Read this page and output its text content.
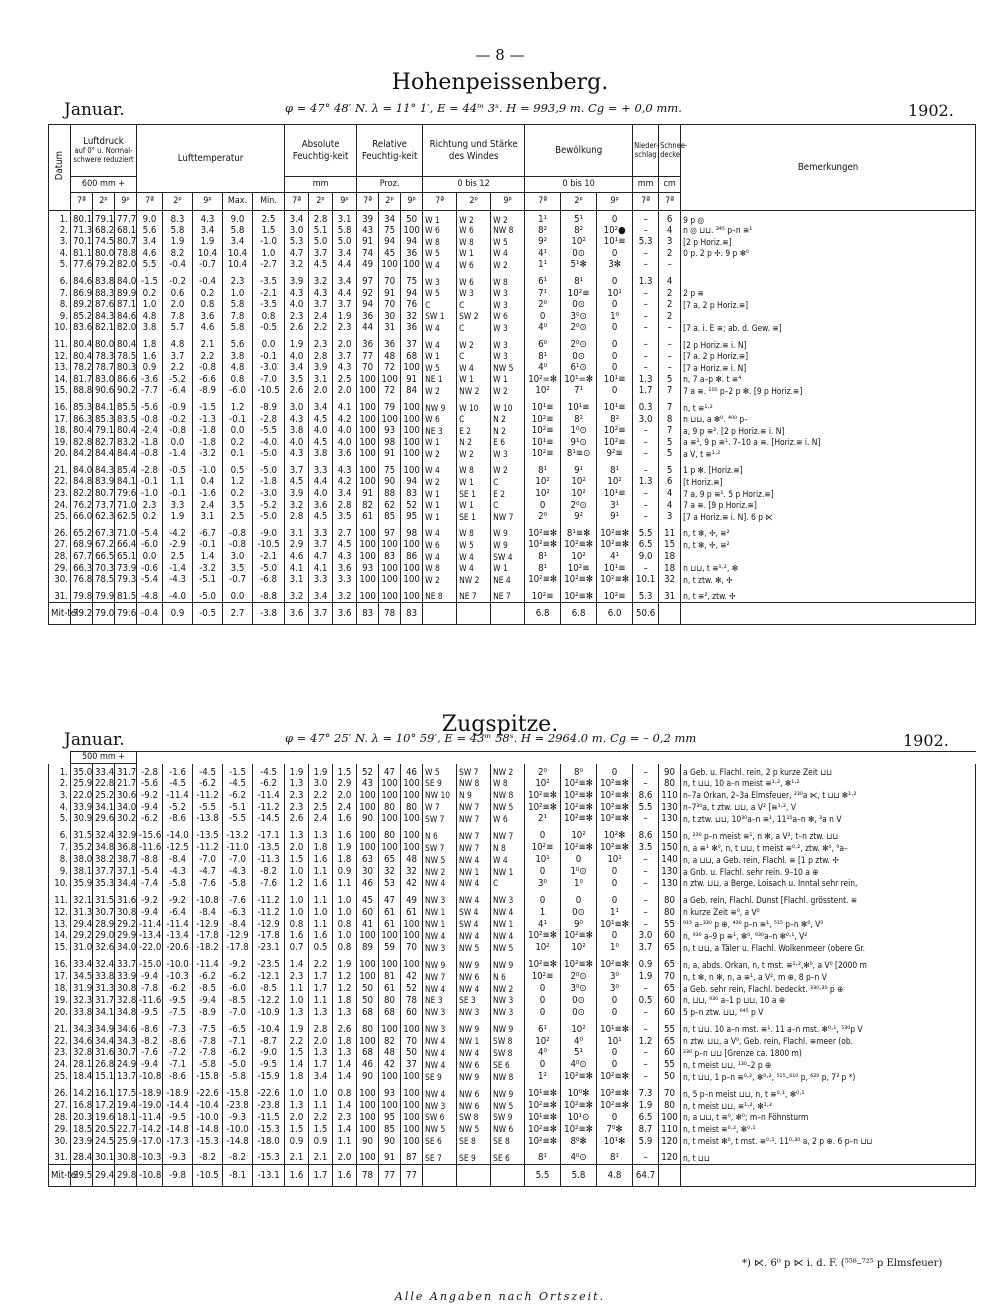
— 8 —
Hohenpeissenberg.
Januar.	φ = 47° 48′ N. λ = 11° 1′, E = 44ᵐ 3ˢ. H = 993,9 m. Cg = + 0,0 mm.	1902.
Datum	Luftdruck
auf 0° u. Normal-schwere reduziert			Lufttemperatur					Absolute Feuchtig-keit			Relative Feuchtig-keit			Richtung und Stärke des Windes			Bewölkung			Nieder-schlag	Schnee-decke	Bemerkungen
	600 mm +								mm			Proz.			0 bis 12			0 bis 10			mm	cm	
	7ª	2ᵖ	9ᵖ	7ª	2ᵖ	9ᵖ	Max.	Min.	7ª	2ᵖ	9ᵖ	7ª	2ᵖ	9ᵖ	7ª	2ᵖ	9ᵖ	7ª	2ᵖ	9ᵖ	7ª	7ª	
1.	80.1	79.1	77.7	9.0	8.3	4.3	9.0	2.5	3.4	2.8	3.1	39	34	50	W 1	W 2	W 2	1¹	5¹	0	–	6	9 p ◎
2.	71.3	68.2	68.1	5.6	5.8	3.4	5.8	1.5	3.0	5.1	5.8	43	75	100	W 6	W 6	NW 8	8²	8²	10²●	–	4	n ◎ ⊔⊔. ³⁴⁵ p–n ≡¹
3.	70.1	74.5	80.7	3.4	1.9	1.9	3.4	-1.0	5.3	5.0	5.0	91	94	94	W 8	W 8	W 5	9²	10²	10¹≡	5.3	3	[2 p Horiz.≡]
4.	81.1	80.0	78.8	4.6	8.2	10.4	10.4	1.0	4.7	3.7	3.4	74	45	36	W 5	W 1	W 4	4¹	0⊙	0	–	2	0 p. 2 p ✢. 9 p ✻⁰
5.	77.6	79.2	82.0	5.5	-0.4	-0.7	10.4	-2.7	3.2	4.5	4.4	49	100	100	W 4	W 6	W 2	1¹	5¹✻	3✻	–	–	

6.	84.6	83.8	84.0	-1.5	-0.2	-0.4	2.3	-3.5	3.9	3.2	3.4	97	70	75	W 3	W 6	W 8	6¹	8¹	0	1.3	4	
7.	86.9	88.3	89.9	0.2	0.6	0.2	1.0	-2.1	4.3	4.3	4.4	92	91	94	W 5	W 3	W 3	7¹	10²≡	10¹	–	2	2 p ≡
8.	89.2	87.6	87.1	1.0	2.0	0.8	5.8	-3.5	4.0	3.7	3.7	94	70	76	C	C	W 3	2⁰	0⊙	0	–	2	[7 a, 2 p Horiz.≡]
9.	85.2	84.3	84.6	4.8	7.8	3.6	7.8	0.8	2.3	2.4	1.9	36	30	32	SW 1	SW 2	W 6	0	3⁰⊙	1⁰	–	2	
10.	83.6	82.1	82.0	3.8	5.7	4.6	5.8	-0.5	2.6	2.2	2.3	44	31	36	W 4	C	W 3	4⁰	2⁰⊙	0	–	–	[7 a. i. E ≡; ab. d. Gew. ≡]

11.	80.4	80.0	80.4	1.8	4.8	2.1	5.6	0.0	1.9	2.3	2.0	36	36	37	W 4	W 2	W 3	6⁰	2⁰⊙	0	–	–	[2 p Horiz.≡ i. N]
12.	80.4	78.3	78.5	1.6	3.7	2.2	3.8	-0.1	4.0	2.8	3.7	77	48	68	W 1	C	W 3	8¹	0⊙	0	–	–	[7 a. 2 p Horiz.≡]
13.	78.2	78.7	80.3	0.9	2.2	-0.8	4.8	-3.0	3.4	3.9	4.3	70	72	100	W 5	W 4	NW 5	4⁰	6¹⊙	0	–	–	[7 a Horiz.≡ i. N]
14.	81.7	83.0	86.6	-3.6	-5.2	-6.6	0.8	-7.0	3.5	3.1	2.5	100	100	91	NE 1	W 1	W 1	10²=✻	10¹=✻	10¹≡	1.3	5	n, 7 a–p ✻. t ≡⁴
15.	88.8	90.6	90.2	-7.7	-6.4	-8.9	-6.0	-10.5	2.6	2.0	2.0	100	72	84	W 2	NW 2	W 2	10²	7¹	0	1.7	7	7 a ≡. ¹⁰⁰ p–2 p ✻. [9 p Horiz.≡]

16.	85.3	84.1	85.5	-5.6	-0.9	-1.5	1.2	-8.9	3.0	3.4	4.1	100	79	100	NW 9	W 10	W 10	10¹≡	10¹≡	10¹≡	0.3	7	n, t ≡¹·²
17.	86.3	85.3	83.5	-0.8	-0.2	-1.3	-0.1	-2.8	4.3	4.5	4.2	100	100	100	W 6	C	N 2	10²≡	8²	8²	3.0	8	n ⊔⊔, a ✻⁰. ⁴⁰⁰ p–
18.	80.4	79.1	80.4	-2.4	-0.8	-1.8	0.0	-5.5	3.8	4.0	4.0	100	93	100	NE 3	E 2	N 2	10²≡	1⁰⊙	10²≡	–	7	a, 9 p ≡². [2 p Horiz.≡ i. N]
19.	82.8	82.7	83.2	-1.8	0.0	-1.8	0.2	-4.0	4.0	4.5	4.0	100	98	100	W 1	N 2	E 6	10¹≡	9¹⊙	10²≡	–	5	a ≡¹, 9 p ≡¹. 7–10 a ≡. [Horiz.≡ i. N]
20.	84.2	84.4	84.4	-0.8	-1.4	-3.2	0.1	-5.0	4.3	3.8	3.6	100	91	100	W 2	W 2	W 3	10²≡	8¹≡⊙	9²≡	–	5	a V, t ≡¹·²

21.	84.0	84.3	85.4	-2.8	-0.5	-1.0	0.5	-5.0	3.7	3.3	4.3	100	75	100	W 4	W 8	W 2	8¹	9¹	8¹	–	5	1 p ✻. [Horiz.≡]
22.	84.8	83.9	84.1	-0.1	1.1	0.4	1.2	-1.8	4.5	4.4	4.2	100	90	94	W 2	W 1	C	10²	10²	10²	1.3	6	[t Horiz.≡]
23.	82.2	80.7	79.6	-1.0	-0.1	-1.6	0.2	-3.0	3.9	4.0	3.4	91	88	83	W 1	SE 1	E 2	10²	10²	10¹≡	–	4	7 a, 9 p ≡¹. 5 p Horiz.≡]
24.	76.2	73.7	71.0	2.3	3.3	2.4	3.5	-5.2	3.2	3.6	2.8	82	62	52	W 1	W 1	C	0	2⁰⊙	3¹	–	4	7 a ≡. [9 p Horiz.≡]
25.	66.0	62.3	62.5	0.2	1.9	3.1	2.5	-5.0	2.8	4.5	3.5	61	85	95	W 1	SE 1	NW 7	2⁰	9²	9¹	–	3	[7 a Horiz.≡ i. N]. 6 p ⋉

26.	65.2	67.3	71.0	-5.4	-4.2	-6.7	-0.8	-9.0	3.1	3.3	2.7	100	97	98	W 4	W 8	W 9	10²≡✻	8¹≡✻	10²≡✻	5.5	11	n, t ✻, ✢, ≡²
27.	68.9	67.2	66.4	-6.0	-2.9	-0.1	-0.8	-10.5	2.9	3.7	4.5	100	100	100	W 6	W 5	W 9	10²≡✻	10²≡✻	10²≡✻	6.5	15	n, t ✻, ✢, ≡²
28.	67.7	66.5	65.1	0.0	2.5	1.4	3.0	-2.1	4.6	4.7	4.3	100	83	86	W 4	W 4	SW 4	8¹	10²	4¹	9.0	18	
29.	66.3	70.3	73.9	-0.6	-1.4	-3.2	3.5	-5.0	4.1	4.1	3.6	93	100	100	W 8	W 4	W 1	8¹	10²≡	10¹≡	–	18	n ⊔⊔, t ≡¹·², ✻
30.	76.8	78.5	79.3	-5.4	-4.3	-5.1	-0.7	-6.8	3.1	3.3	3.3	100	100	100	W 2	NW 2	NE 4	10²≡✻	10²≡✻	10²≡✻	10.1	32	n, t ztw. ✻, ✢

31.	79.8	79.9	81.5	-4.8	-4.0	-5.0	0.0	-8.8	3.2	3.4	3.2	100	100	100	NE 8	NE 7	NE 7	10²≡	10²≡✻	10²≡	5.3	31	n, t ≡², ztw. ✢
Mit-tel	79.2	79.0	79.6	-0.4	0.9	-0.5	2.7	-3.8	3.6	3.7	3.6	83	78	83				6.8	6.8	6.0	50.6		
Zugspitze.
Januar.	φ = 47° 25′ N. λ = 10° 59′, E = 43ᵐ 58ˢ. H = 2964.0 m. Cg = – 0,2 mm	1902.
	500 mm +																						
1.	35.0	33.4	31.7	-2.8	-1.6	-4.5	-1.5	-4.5	1.9	1.9	1.5	52	47	46	W 5	SW 7	NW 2	2⁰	8⁰	0	–	90	a Geb. u. Flachl. rein, 2 p kurze Zeit ⊔⊔
2.	25.9	22.8	21.7	-5.6	-4.5	-6.2	-4.5	-6.2	1.3	3.0	2.9	43	100	100	SE 9	NW 8	W 8	10²	10²≡✻	10²≡✻	–	80	n, t ⊔⊔, 10 a–n meist ≡¹·², ✻¹·²
3.	22.0	25.2	30.6	-9.2	-11.4	-11.2	-6.2	-11.4	2.3	2.2	2.0	100	100	100	NW 10	N 9	NW 8	10²≡✻	10²≡✻	10²≡✻	8.6	110	n–7a Orkan, 2–3a Elmsfeuer, ²³⁰a ⋉, t ⊔⊔ ✻¹·²
4.	33.9	34.1	34.0	-9.4	-5.2	-5.5	-5.1	-11.2	2.3	2.5	2.4	100	80	80	W 7	NW 7	NW 5	10²≡✻	10²≡✻	10²≡✻	5.5	130	n–7³⁰a, t ztw. ⊔⊔, a V² [≡¹·², V
5.	30.9	29.6	30.2	-6.2	-8.6	-13.8	-5.5	-14.5	2.6	2.4	1.6	90	100	100	SW 7	NW 7	W 6	2¹	10²≡✻	10²≡✻	–	130	n, t ztw. ⊔⊔, 10³⁰a–n ≡¹, 11¹⁵a–n ✻, ³a n V

6.	31.5	32.4	32.9	-15.6	-14.0	-13.5	-13.2	-17.1	1.3	1.3	1.6	100	80	100	N 6	NW 7	NW 7	0	10²	10²✻	8.6	150	n, ²³⁰ p–n meist ≡¹, n ✻, a V², t–n ztw. ⊔⊔
7.	35.2	34.8	36.8	-11.6	-12.5	-11.2	-11.0	-13.5	2.0	1.8	1.9	100	100	100	SW 7	NW 7	N 8	10²≡	10²≡✻	10²≡✻	3.5	150	n, a ≡¹ ✻⁰, n, t ⊔⊔, t meist ≡⁰·², ztw. ✻⁰, ⁹a–
8.	38.0	38.2	38.7	-8.8	-8.4	-7.0	-7.0	-11.3	1.5	1.6	1.8	63	65	48	NW 5	NW 4	W 4	10¹	0	10¹	–	140	n, a ⊔⊔, a Geb. rein, Flachl. ≡ [1 p ztw. ✢
9.	38.1	37.7	37.1	-5.4	-4.3	-4.7	-4.3	-8.2	1.0	1.1	0.9	30	32	32	NW 2	NW 1	NW 1	0	1⁰⊙	0	–	130	a Gnb. u. Flachl. sehr rein. 9–10 a ⊕
10.	35.9	35.3	34.4	-7.4	-5.8	-7.6	-5.8	-7.6	1.2	1.6	1.1	46	53	42	NW 4	NW 4	C	3⁰	1⁰	0	–	130	n ztw. ⊔⊔, a Berge, Loisach u. Inntal sehr rein,

11.	32.1	31.5	31.6	-9.2	-9.2	-10.8	-7.6	-11.2	1.0	1.1	1.0	45	47	49	NW 3	NW 4	NW 3	0	0	0	–	80	a Geb. rein, Flachl. Dunst [Flachl. grösstent. ≡
12.	31.3	30.7	30.8	-9.4	-6.4	-8.4	-6.3	-11.2	1.0	1.0	1.0	60	61	61	NW 1	SW 4	NW 4	1	0⊙	1¹	–	80	n kurze Zeit ≡⁰, a V⁰
13.	29.4	28.9	29.2	-11.4	-11.4	-12.9	-8.4	-12.9	0.8	1.1	0.8	41	61	100	NW 1	SW 4	NW 1	4¹	9⁰	10¹≡✻	–	55	⁹¹⁵ a–³³⁰ p ⊕, ⁴³⁰ p–n ≡¹, ⁵¹⁵ p–n ✻⁰, V⁰
14.	29.2	29.0	29.9	-13.4	-13.4	-17.8	-12.9	-17.8	1.6	1.6	1.0	100	100	100	NW 4	NW 4	NW 4	10²≡✻	10²≡✻	0	3.0	60	n, ⁹³⁰ a–9 p ≡¹, ✻⁰. ⁹³⁰a–n ✻⁰·¹, V²
15.	31.0	32.6	34.0	-22.0	-20.6	-18.2	-17.8	-23.1	0.7	0.5	0.8	89	59	70	NW 3	NW 5	NW 5	10²	10²	1⁰	3.7	65	n, t ⊔⊔, a Täler u. Flachl. Wolkenmeer (obere Gr.

16.	33.4	32.4	33.7	-15.0	-10.0	-11.4	-9.2	-23.5	1.4	2.2	1.9	100	100	100	NW 9	NW 9	NW 9	10²≡✻	10²≡✻	10²≡✻	0.9	65	n, a, abds. Orkan, n, t mst. ≡¹·²,✻⁰, a V⁰ [2000 m
17.	34.5	33.8	33.9	-9.4	-10.3	-6.2	-6.2	-12.1	2.3	1.7	1.2	100	81	42	NW 7	NW 6	N 6	10²≡	2⁰⊙	3⁰	1.9	70	n, t ✻, n ✻, n, a ≡¹, a V², m ⊕, 8 p–n V
18.	31.9	31.3	30.8	-7.8	-6.2	-8.5	-6.0	-8.5	1.1	1.7	1.2	50	61	52	NW 4	NW 4	NW 2	0	3⁰⊙	3⁰	–	65	a Geb. sehr rein, Flachl. bedeckt. ³³⁰·³⁰ p ⊕
19.	32.3	31.7	32.8	-11.6	-9.5	-9.4	-8.5	-12.2	1.0	1.1	1.8	50	80	78	NE 3	SE 3	NW 3	0	0⊙	0	0.5	60	n, ⊔⊔, ⁹³⁰ a–1 p ⊔⊔, 10 a ⊕
20.	33.8	34.1	34.8	-9.5	-7.5	-8.9	-7.0	-10.9	1.3	1.3	1.3	68	68	60	NW 3	NW 3	NW 3	0	0⊙	0	–	60	5 p–n ztw. ⊔⊔, ⁶⁴⁵ p V

21.	34.3	34.9	34.6	-8.6	-7.3	-7.5	-6.5	-10.4	1.9	2.8	2.6	80	100	100	NW 3	NW 9	NW 9	6¹	10²	10¹≡✻	–	55	n, t ⊔⊔. 10 a–n mst. ≡¹. 11 a–n mst. ✻⁰·¹, ⁵³⁰p V
22.	34.6	34.4	34.3	-8.2	-8.6	-7.8	-7.1	-8.7	2.2	2.0	1.8	100	82	70	NW 4	NW 1	SW 8	10²	4⁰	10¹	1.2	65	n ztw. ⊔⊔, a V⁰, Geb. rein, Flachl. ≡meer (ob.
23.	32.8	31.6	30.7	-7.6	-7.2	-7.8	-6.2	-9.0	1.5	1.3	1.3	68	48	50	NW 4	NW 4	SW 8	4⁰	5¹	0	–	60	²³⁰ p–n ⊔⊔ [Grenze ca. 1800 m)
24.	28.1	26.8	24.9	-9.4	-7.1	-5.8	-5.0	-9.5	1.4	1.7	1.4	46	42	37	NW 4	NW 6	SE 6	0	4⁰⊙	0	–	55	n, t meist ⊔⊔, ¹³⁰–2 p ⊕
25.	18.4	15.1	13.7	-10.8	-8.6	-15.8	-5.8	-15.9	1.8	3.4	1.4	90	100	100	SE 9	NW 9	NW 8	1²	10²≡✻	10²≡✻	–	50	n, t ⊔⊔, 1 p–n ≡⁰·², ✻⁰·², ⁵¹⁵–⁶¹⁰ p, ⁶²⁰ p, 7³ p *)

26.	14.2	16.1	17.5	-18.9	-18.9	-22.6	-15.8	-22.6	1.0	1.0	0.8	100	93	100	NW 4	NW 6	NW 9	10¹≡✻	10⁰✻	10²≡✻	7.3	70	n, 5 p–n meist ⊔⊔, n, t ≡⁰·¹, ✻⁰·¹
27.	16.8	17.2	19.4	-19.0	-14.4	-10.4	-23.8	-23.8	1.3	1.1	1.4	100	100	100	NW 3	NW 6	NW 5	10²≡✻	10²≡✻	10²≡✻	1.9	80	n, t meist ⊔⊔, ≡¹·², ✻¹·²
28.	20.3	19.6	18.1	-11.4	-9.5	-10.0	-9.3	-11.5	2.0	2.2	2.3	100	95	100	SW 6	SW 8	SW 9	10¹≡✻	10¹⊙	0	6.5	100	n, a ⊔⊔, t ≡⁰, ✻⁰; m–n Föhnsturm
29.	18.5	20.5	22.7	-14.2	-14.8	-14.8	-10.0	-15.3	1.5	1.5	1.4	100	85	100	NW 5	NW 5	NW 6	10²≡✻	10²≡✻	7⁰✻	8.7	110	n, t meist ≡⁰·², ✻⁰·¹
30.	23.9	24.5	25.9	-17.0	-17.3	-15.3	-14.8	-18.0	0.9	0.9	1.1	90	90	100	SE 6	SE 8	SE 8	10²≡✻	8⁰✻	10¹✻	5.9	120	n, t meist ✻⁰, t mst. ≡⁰·¹. 11⁰·³⁰ a, 2 p ⊕. 6 p–n ⊔⊔

31.	28.4	30.1	30.8	-10.3	-9.3	-8.2	-8.2	-15.3	2.1	2.1	2.0	100	91	87	SE 7	SE 9	SE 6	8¹	4⁰⊙	8¹	–	120	n, t ⊔⊔
Mit-tel	29.5	29.4	29.8	-10.8	-9.8	-10.5	-8.1	-13.1	1.6	1.7	1.6	78	77	77				5.5	5.8	4.8	64.7		
*) ⋉. 6⁰ p ⋉ i. d. F. (⁵⁵⁸–⁷²⁵ p Elmsfeuer)
Alle Angaben nach Ortszeit.
